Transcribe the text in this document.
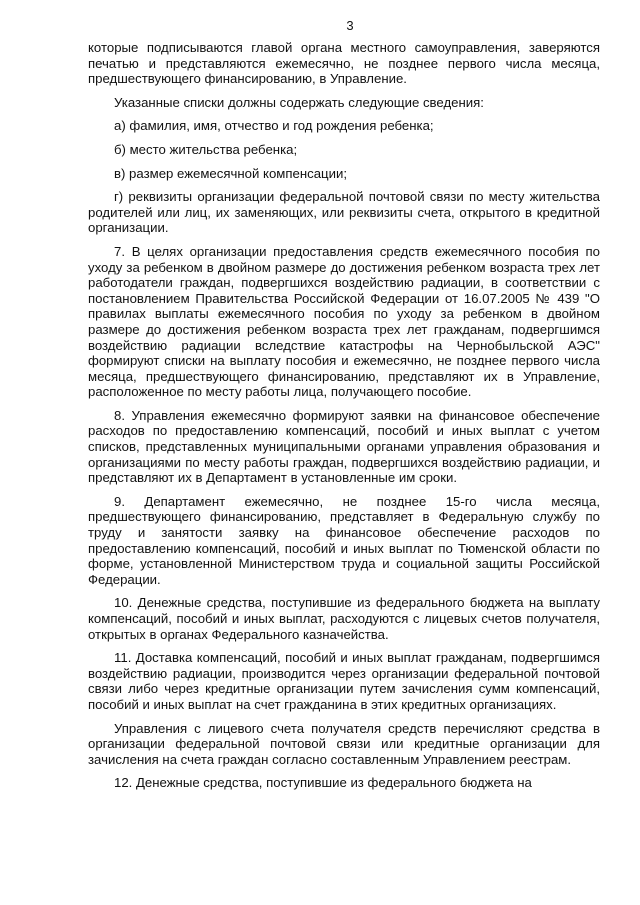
3

которые подписываются главой органа местного самоуправления, заверяются печатью и представляются ежемесячно, не позднее первого числа месяца, предшествующего финансированию, в Управление.

Указанные списки должны содержать следующие сведения:

а) фамилия, имя, отчество и год рождения ребенка;

б) место жительства ребенка;

в) размер ежемесячной компенсации;

г) реквизиты организации федеральной почтовой связи по месту жительства родителей или лиц, их заменяющих, или реквизиты счета, открытого в кредитной организации.

7. В целях организации предоставления средств ежемесячного пособия по уходу за ребенком в двойном размере до достижения ребенком возраста трех лет работодатели граждан, подвергшихся воздействию радиации, в соответствии с постановлением Правительства Российской Федерации от 16.07.2005 № 439 "О правилах выплаты ежемесячного пособия по уходу за ребенком в двойном размере до достижения ребенком возраста трех лет гражданам, подвергшимся воздействию радиации вследствие катастрофы на Чернобыльской АЭС" формируют списки на выплату пособия и ежемесячно, не позднее первого числа месяца, предшествующего финансированию, представляют их в Управление, расположенное по месту работы лица, получающего пособие.

8. Управления ежемесячно формируют заявки на финансовое обеспечение расходов по предоставлению компенсаций, пособий и иных выплат с учетом списков, представленных муниципальными органами управления образования и организациями по месту работы граждан, подвергшихся воздействию радиации, и представляют их в Департамент в установленные им сроки.

9. Департамент ежемесячно, не позднее 15-го числа месяца, предшествующего финансированию, представляет в Федеральную службу по труду и занятости заявку на финансовое обеспечение расходов по предоставлению компенсаций, пособий и иных выплат по Тюменской области по форме, установленной Министерством труда и социальной защиты Российской Федерации.

10. Денежные средства, поступившие из федерального бюджета на выплату компенсаций, пособий и иных выплат, расходуются с лицевых счетов получателя, открытых в органах Федерального казначейства.

11. Доставка компенсаций, пособий и иных выплат гражданам, подвергшимся воздействию радиации, производится через организации федеральной почтовой связи либо через кредитные организации путем зачисления сумм компенсаций, пособий и иных выплат на счет гражданина в этих кредитных организациях.

Управления с лицевого счета получателя средств перечисляют средства в организации федеральной почтовой связи или кредитные организации для зачисления на счета граждан согласно составленным Управлением реестрам.

12. Денежные средства, поступившие из федерального бюджета на
